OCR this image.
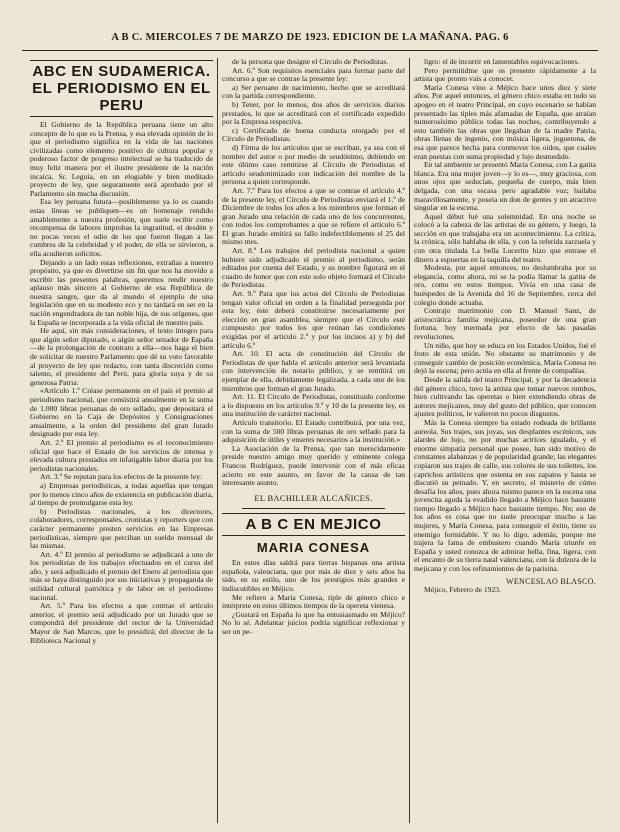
A B C. MIERCOLES 7 DE MARZO DE 1923. EDICION DE LA MAÑANA. PAG. 6
ABC EN SUDAMERICA. EL PERIODISMO EN EL PERU

El Gobierno de la República peruana tiene un alto concepto de lo que es la Prensa, y esa elevada opinión de lo que el periodismo significa en la vida de las naciones civilizadas como elemento positivo de cultura popular y poderoso factor de progreso intelectual se ha traducido de muy feliz manera por el ilustre presidente de la nación incaica, Sr. Leguía, en un elogiable y bien meditado proyecto de ley, que seguramente será aprobado por el Parlamento sin mucha discusión.

Esa ley peruana futura—posiblemente ya lo es cuando estas líneas se publiquen—es un homenaje rendido amablemente a nuestra profesión, que suele recibir como recompensa de labores improbas la ingratitud, el desdén y no pocas veces el odio de los que fueron llegan a las cumbres de la celebridad y el poder, de ella se sirvieron, a ella acudieron solícitos.

Dejando a un lado estas reflexiones, extrañas a nuestro propósito, ya que es divertirse sin fin que nos ha movido a escribir las presentes palabras, queremos rendir nuestro aplauso más sincero al Gobierno de esa República de nuestra sangre, que da al mundo el ejemplo de una legislación que en su modesto eco y no tardará en ser en la nación engendradora de tan noble hija, de sus orígenes, que la España se incorporada a la vida oficial de nuestro país.

He aquí, sin más consideraciones, el texto íntegro para que algún señor diputado, o algún señor senador de España—de la prolongación de contrato a ella—nos haga el bien de solicitar de nuestro Parlamento que dé su voto favorable al proyecto de ley que redacto, con tanta discreción como talento, el presidente del Perú, para gloria suya y de su generosa Patria:

«Artículo 1.º Créase permanente en el país el premio al periodismo nacional, que consistirá anualmente en la suma de 1.000 libras peruanas de oro sellado, que depositará el Gobierno en la Caja de Depósitos y Consignaciones anualmente, a la orden del presidente del gran Jurado designado por esta ley.

Art. 2.º El premio al periodismo es el reconocimiento oficial que hace el Estado de los servicios de intensa y elevada cultura prestados en infatigable labor diaria por los periodistas nacionales.

Art. 3.º Se reputan para los efectos de la presente ley:

a) Empresas periodísticas, a todas aquellas que tengan por lo menos cinco años de existencia en publicación diaria, al tiempo de promulgarse esta ley.

b) Periodistas nacionales, a los directores, colaboradores, corresponsales, cronistas y reporters que con carácter permanente presten servicios en las Empresas periodísticas, siempre que perciban un sueldo mensual de las mismas.

Art. 4.º El premio al periodismo se adjudicará a uno de los periodistas de los trabajos efectuados en el curso del año, y será adjudicado el premio del Enero al periodista que más se haya distinguido por sus iniciativas y propaganda de utilidad cultural patriótica y de labor en el periodismo nacional.

Art. 5.º Para los efectos a que contrae el artículo anterior, el premio será adjudicado por un Jurado que se compondrá del presidente del rector de la Universidad Mayor de San Marcos, que lo presidirá; del director de la Biblioteca Nacional y

de la persona que designe el Círculo de Periodistas.

Art. 6.º Son requisitos esenciales para formar parte del concurso a que se contrae la presente ley:

a) Ser peruano de nacimiento, hecho que se acreditará con la partida correspondiente.

b) Tener, por lo menos, dos años de servicios diarios prestados, lo que se acreditará con el certificado expedido por la Empresa respectiva.

c) Certificado de buena conducta otorgado por el Círculo de Periodistas.

d) Firma de los artículos que se escriban, ya sea con el nombre del autor o por medio de seudónimo, debiendo en este último caso remitirse al Círculo de Periodistas el artículo seudonimizado con indicación del nombre de la persona a quien corresponde.

Art. 7.º Para los efectos a que se contrae el artículo 4.º de la presente ley, el Círculo de Periodistas enviará el 1.º de Diciembre de todos los años a los miembros que forman el gran Jurado una relación de cada uno de los concurrentes, con todos los comprobantes a que se refiere el artículo 6.º El gran Jurado emitirá su fallo indefectiblemente el 25 del mismo mes.

Art. 8.º Los trabajos del periodista nacional a quien hubiere sido adjudicado el premio al periodismo, serán editados por cuenta del Estado, y su nombre figurará en el cuadro de honor que con este solo objeto formará el Círculo de Periodistas.

Art. 9.º Para que los actos del Círculo de Periodistas tengan valor oficial en orden a la finalidad perseguida por esta ley, éste deberá constituirse necesariamente por elección en gran asamblea, siempre que el Círculo esté compuesto por todos los que reúnan las condiciones exigidas por el artículo 2.º y por los incisos a) y b) del artículo 6.º

Art. 10. El acta de constitución del Círculo de Periodistas de que habla el artículo anterior será levantada con intervención de notario público, y se remitirá un ejemplar de ella, debidamente legalizada, a cada uno de los miembros que forman el gran Jurado.

Art. 11. El Círculo de Periodistas, constituido conforme a lo dispuesto en los artículos 9.º y 10 de la presente ley, es una institución de carácter nacional.

Artículo transitorio. El Estado contribuirá, por una vez, con la suma de 500 libras peruanas de oro sellado para la adquisición de útiles y enseres necesarios a la institución.»

La Asociación de la Prensa, que tan merecidamente preside nuestro amigo muy querido y eminente colega Francos Rodríguez, puede intervenir con el más eficaz acierto en este asunto, en favor de la causa de tan interesante asunto.

EL BACHILLER ALCAÑICES.
A B C EN MEJICO
MARIA CONESA

En estos días saldrá para tierras hispanas una artista española, valenciana, que por más de diez y seis años ha sido, en su estilo, uno de los prestigios más grandes e indiscutibles en Méjico.

Me refiero a María Conesa, tiple de género chico e intérprete en estos últimos tiempos de la opereta vienesa.

¿Gustará en España lo que ha entusiasmado en Méjico? No lo sé. Adelantar juicios podría significar reflexionar y ser un pe-

ligro: el de incurrir en lamentables equivocaciones.

Pero permitidme que os presente rápidamente a la artista que pronto vais a conocer.

María Conesa vino a Méjico hace unos diez y siete años. Por aquel entonces, el género chico estaba en todo su apogeo en el teatro Principal, en cuyo escenario se habían presentado las tiples más afamadas de España, que atraían numerosísimo público todas las noches, contribuyendo a esto también las obras que llegaban de la madre Patria, obras llenas de ingenio, con música ligera, juguetona, de esa que parece hecha para conmover los oídos, que cuales eran puestas con suma propiedad y lujo desmedido.

En tal ambiente se presentó María Conesa, con La gatita blanca. Era una mujer joven—y lo es—, muy graciosa, con unos ojos que seducían, pequeña de cuerpo, más bien delgada, con una escasa pero agradable voz; bailaba maravillosamente, y poseía un don de gentes y un atractivo singular en la escena.

Aquel début fué una solemnidad. En una noche se colocó a la cabeza de las artistas de su género, y luego, la sección en que trabajaba era un acontecimiento. La crítica, la crónica, sólo hablaba de ella, y con la referida zarzuela y con otra titulada La bella Lucerito hizo que entrase el dinero a espuertas en la taquilla del teatro.

Modesta, por aquel entonces, no deslumbraba por su elegancia, como ahora, mi se la podía llamar la gatita de oro, como en estos tiempos. Vivía en una casa de huéspedes de la Avenida del 16 de Septiembre, cerca del colegio donde actuaba.

Contrajo matrimonio con D. Manuel Sanz, de aristocrática familia mejicana, poseedor de una gran fortuna, hoy mermada por efecto de las pasadas revoluciones.

Un niño, que hoy se educa en los Estados Unidos, fué el fruto de esta unión. No obstante su matrimonio y de conseguir cambio de posición económica, María Conesa no dejó la escena; pero actúa en ella al frente de compañías.

Desde la salida del teatro Principal, y por la decadencia del género chico, tuvo la artista que tomar nuevos rumbos, bien cultivando las operetas o bien extendiendo obras de autores mejicanos, muy del gusto del público, que conocen ajustes políticos, le valieron no pocos disgustos.

Más la Conesa siempre ha estado rodeada de brillante aureola. Sus trajes, sus joyas, sus desplantes escénicos, sus alardes de lujo, no por muchas actrices igualado, y el enorme simpatía personal que posee, han sido motivo de constantes alabanzas y de popularidad grande; las elegantes copiaron sus trajes de calle, sus colores de sus toilettes, los caprichos artísticos que ostenta en sus zapatos y hasta se discutió su peinado. Y, en secreto, el misterio de cómo desafía los años, pues ahora mismo parece en la escena una jovencita aguda la evadido llegado a Méjico hace bastante tiempo llegado a Méjico hace bastante tiempo. No; eso de los años es cosa que no suele preocupar mucho a las mujeres, y María Conesa, para conseguir el éxito, tiene su enemigo formidable. Y no lo digo, además, porque me trajera la fama de embustero cuando María triunfe en España y usted conozca de admirar bella, fina, ligera, con el encanto de su tierra natal valenciana, con la dulzura de la mejicana y con los refinamientos de la parisina.

WENCESLAO BLASCO.
Méjico, Febrero de 1923.
